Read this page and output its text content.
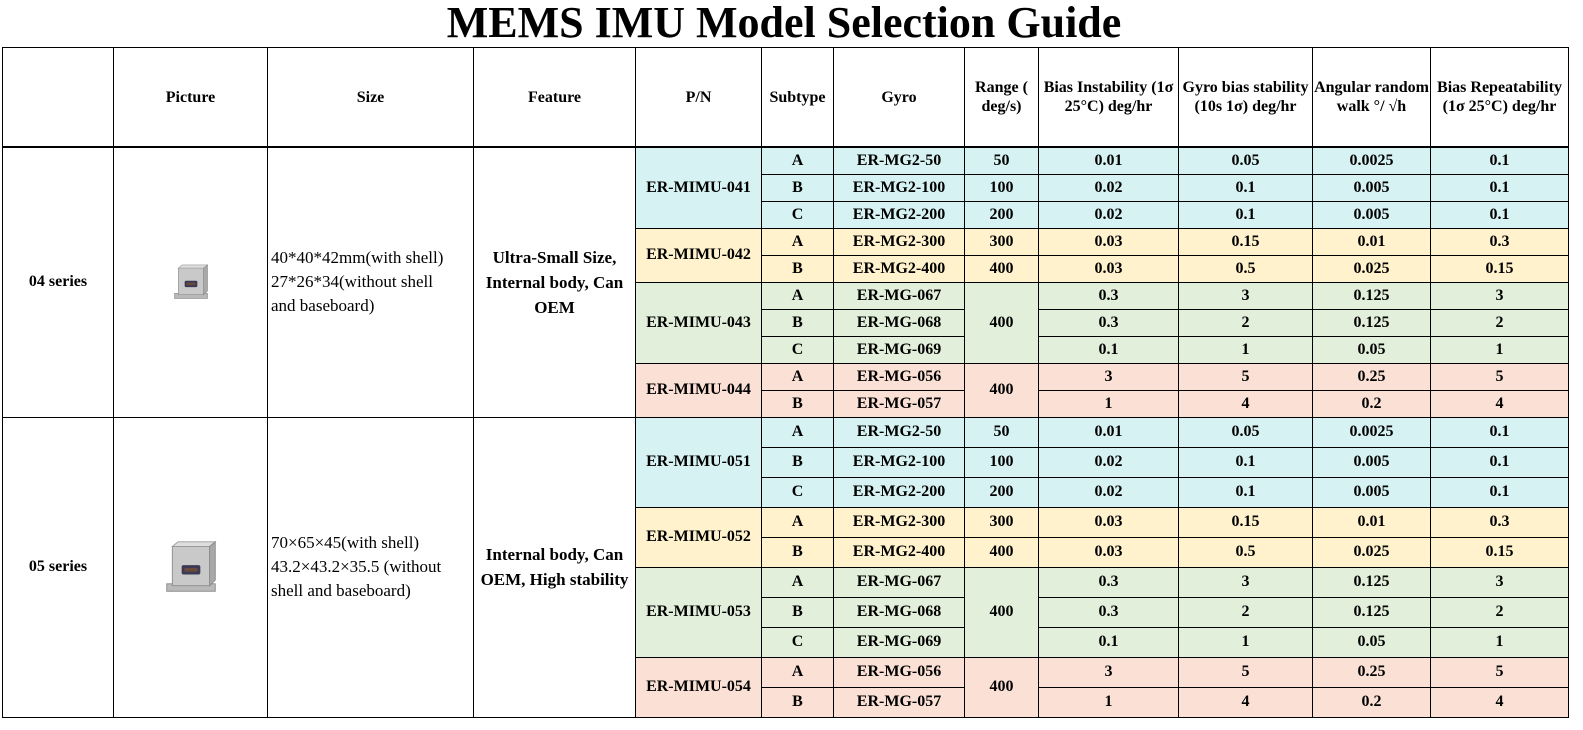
MEMS IMU Model Selection Guide
	Picture	Size	Feature	P/N	Subtype	Gyro	Range ( deg/s)	Bias Instability (1σ 25°C) deg/hr	Gyro bias stability (10s 1σ) deg/hr	Angular random walk °/ √h	Bias Repeatability (1σ 25°C) deg/hr
04 series		40*40*42mm(with shell)
27*26*34(without shell
and baseboard)	Ultra-Small Size, Internal body, Can OEM	ER-MIMU-041	A	ER-MG2-50	50	0.01	0.05	0.0025	0.1
					B	ER-MG2-100	100	0.02	0.1	0.005	0.1
					C	ER-MG2-200	200	0.02	0.1	0.005	0.1
				ER-MIMU-042	A	ER-MG2-300	300	0.03	0.15	0.01	0.3
					B	ER-MG2-400	400	0.03	0.5	0.025	0.15
				ER-MIMU-043	A	ER-MG-067	400	0.3	3	0.125	3
					B	ER-MG-068		0.3	2	0.125	2
					C	ER-MG-069		0.1	1	0.05	1
				ER-MIMU-044	A	ER-MG-056	400	3	5	0.25	5
					B	ER-MG-057		1	4	0.2	4
05 series		70×65×45(with shell)
43.2×43.2×35.5 (without
shell and baseboard)	Internal body, Can OEM, High stability	ER-MIMU-051	A	ER-MG2-50	50	0.01	0.05	0.0025	0.1
					B	ER-MG2-100	100	0.02	0.1	0.005	0.1
					C	ER-MG2-200	200	0.02	0.1	0.005	0.1
				ER-MIMU-052	A	ER-MG2-300	300	0.03	0.15	0.01	0.3
					B	ER-MG2-400	400	0.03	0.5	0.025	0.15
				ER-MIMU-053	A	ER-MG-067	400	0.3	3	0.125	3
					B	ER-MG-068		0.3	2	0.125	2
					C	ER-MG-069		0.1	1	0.05	1
				ER-MIMU-054	A	ER-MG-056	400	3	5	0.25	5
					B	ER-MG-057		1	4	0.2	4
